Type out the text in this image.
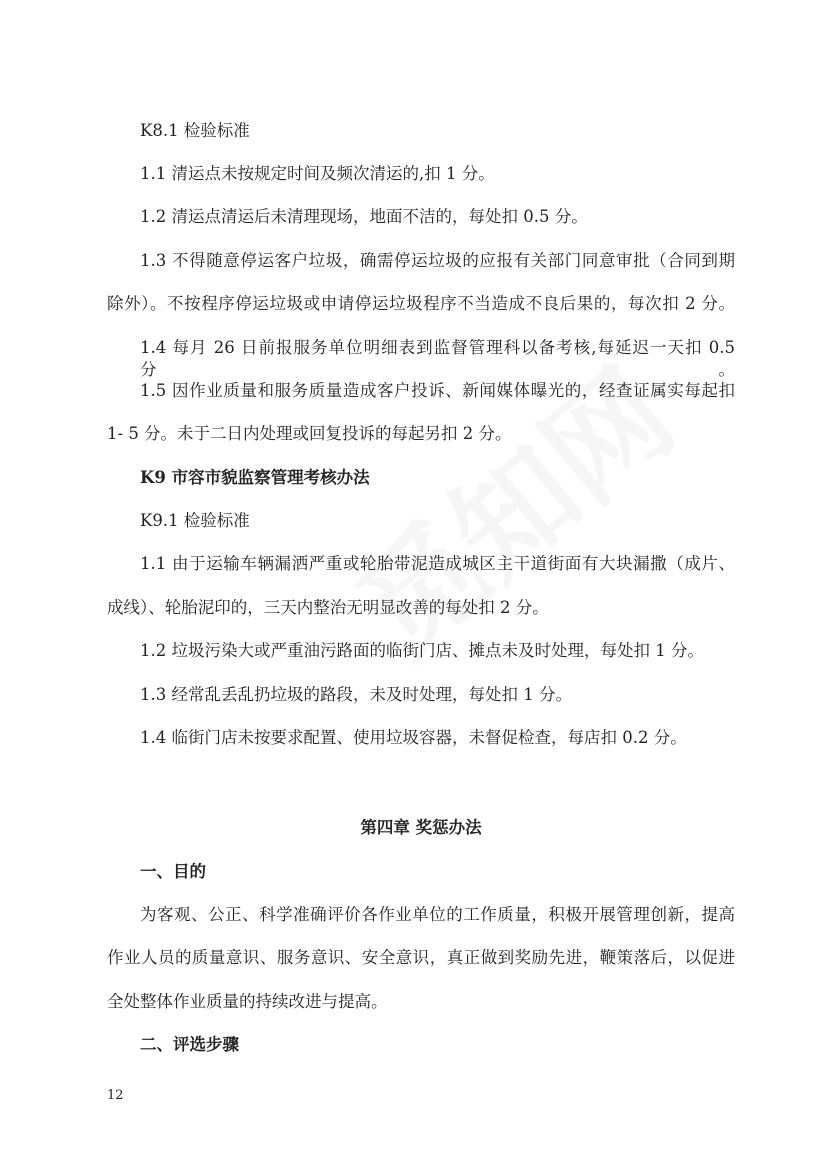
K8.1 检验标准
1.1 清运点未按规定时间及频次清运的,扣 1 分。
1.2 清运点清运后未清理现场，地面不洁的，每处扣 0.5 分。
1.3 不得随意停运客户垃圾，确需停运垃圾的应报有关部门同意审批（合同到期
除外）。不按程序停运垃圾或申请停运垃圾程序不当造成不良后果的，每次扣 2 分。
1.4 每月 26 日前报服务单位明细表到监督管理科以备考核,每延迟一天扣 0.5 分。
1.5 因作业质量和服务质量造成客户投诉、新闻媒体曝光的，经查证属实每起扣
1- 5 分。未于二日内处理或回复投诉的每起另扣 2 分。
K9 市容市貌监察管理考核办法
K9.1 检验标准
1.1 由于运输车辆漏洒严重或轮胎带泥造成城区主干道街面有大块漏撒（成片、
成线）、轮胎泥印的，三天内整治无明显改善的每处扣 2 分。
1.2 垃圾污染大或严重油污路面的临街门店、摊点未及时处理，每处扣 1 分。
1.3 经常乱丢乱扔垃圾的路段，未及时处理，每处扣 1 分。
1.4 临街门店未按要求配置、使用垃圾容器，未督促检查，每店扣 0.2 分。
第四章 奖惩办法
一、目的
为客观、公正、科学准确评价各作业单位的工作质量，积极开展管理创新，提高
作业人员的质量意识、服务意识、安全意识，真正做到奖励先进，鞭策落后，以促进
全处整体作业质量的持续改进与提高。
二、评选步骤
12
